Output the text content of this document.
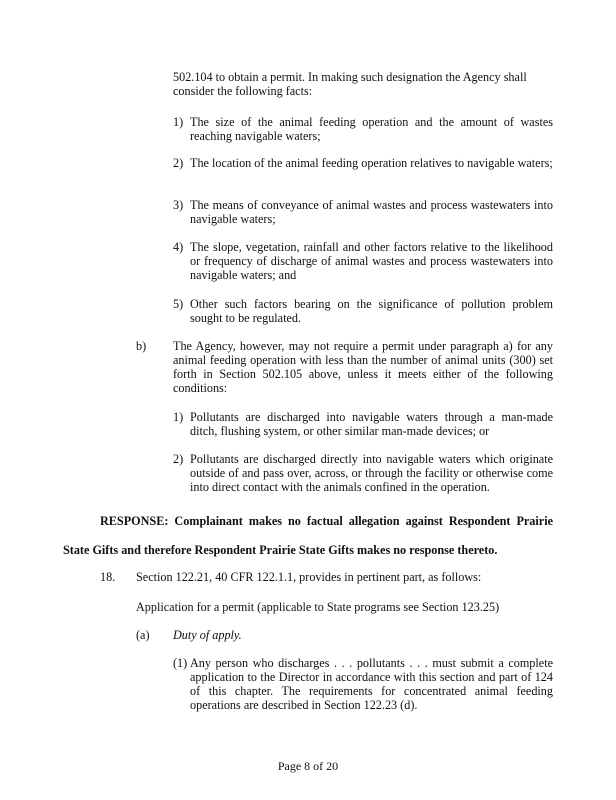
502.104 to obtain a permit. In making such designation the Agency shall
consider the following facts:
1) The size of the animal feeding operation and the amount of wastes reaching navigable waters;
2) The location of the animal feeding operation relatives to navigable waters;
3) The means of conveyance of animal wastes and process wastewaters into navigable waters;
4) The slope, vegetation, rainfall and other factors relative to the likelihood or frequency of discharge of animal wastes and process wastewaters into navigable waters; and
5) Other such factors bearing on the significance of pollution problem sought to be regulated.
b) The Agency, however, may not require a permit under paragraph a) for any animal feeding operation with less than the number of animal units (300) set forth in Section 502.105 above, unless it meets either of the following conditions:
1) Pollutants are discharged into navigable waters through a man-made ditch, flushing system, or other similar man-made devices; or
2) Pollutants are discharged directly into navigable waters which originate outside of and pass over, across, or through the facility or otherwise come into direct contact with the animals confined in the operation.
RESPONSE: Complainant makes no factual allegation against Respondent Prairie
State Gifts and therefore Respondent Prairie State Gifts makes no response thereto.
18. Section 122.21, 40 CFR 122.1.1, provides in pertinent part, as follows:
Application for a permit (applicable to State programs see Section 123.25)
(a) Duty of apply.
(1) Any person who discharges . . . pollutants . . . must submit a complete application to the Director in accordance with this section and part of 124 of this chapter. The requirements for concentrated animal feeding operations are described in Section 122.23 (d).
Page 8 of 20
